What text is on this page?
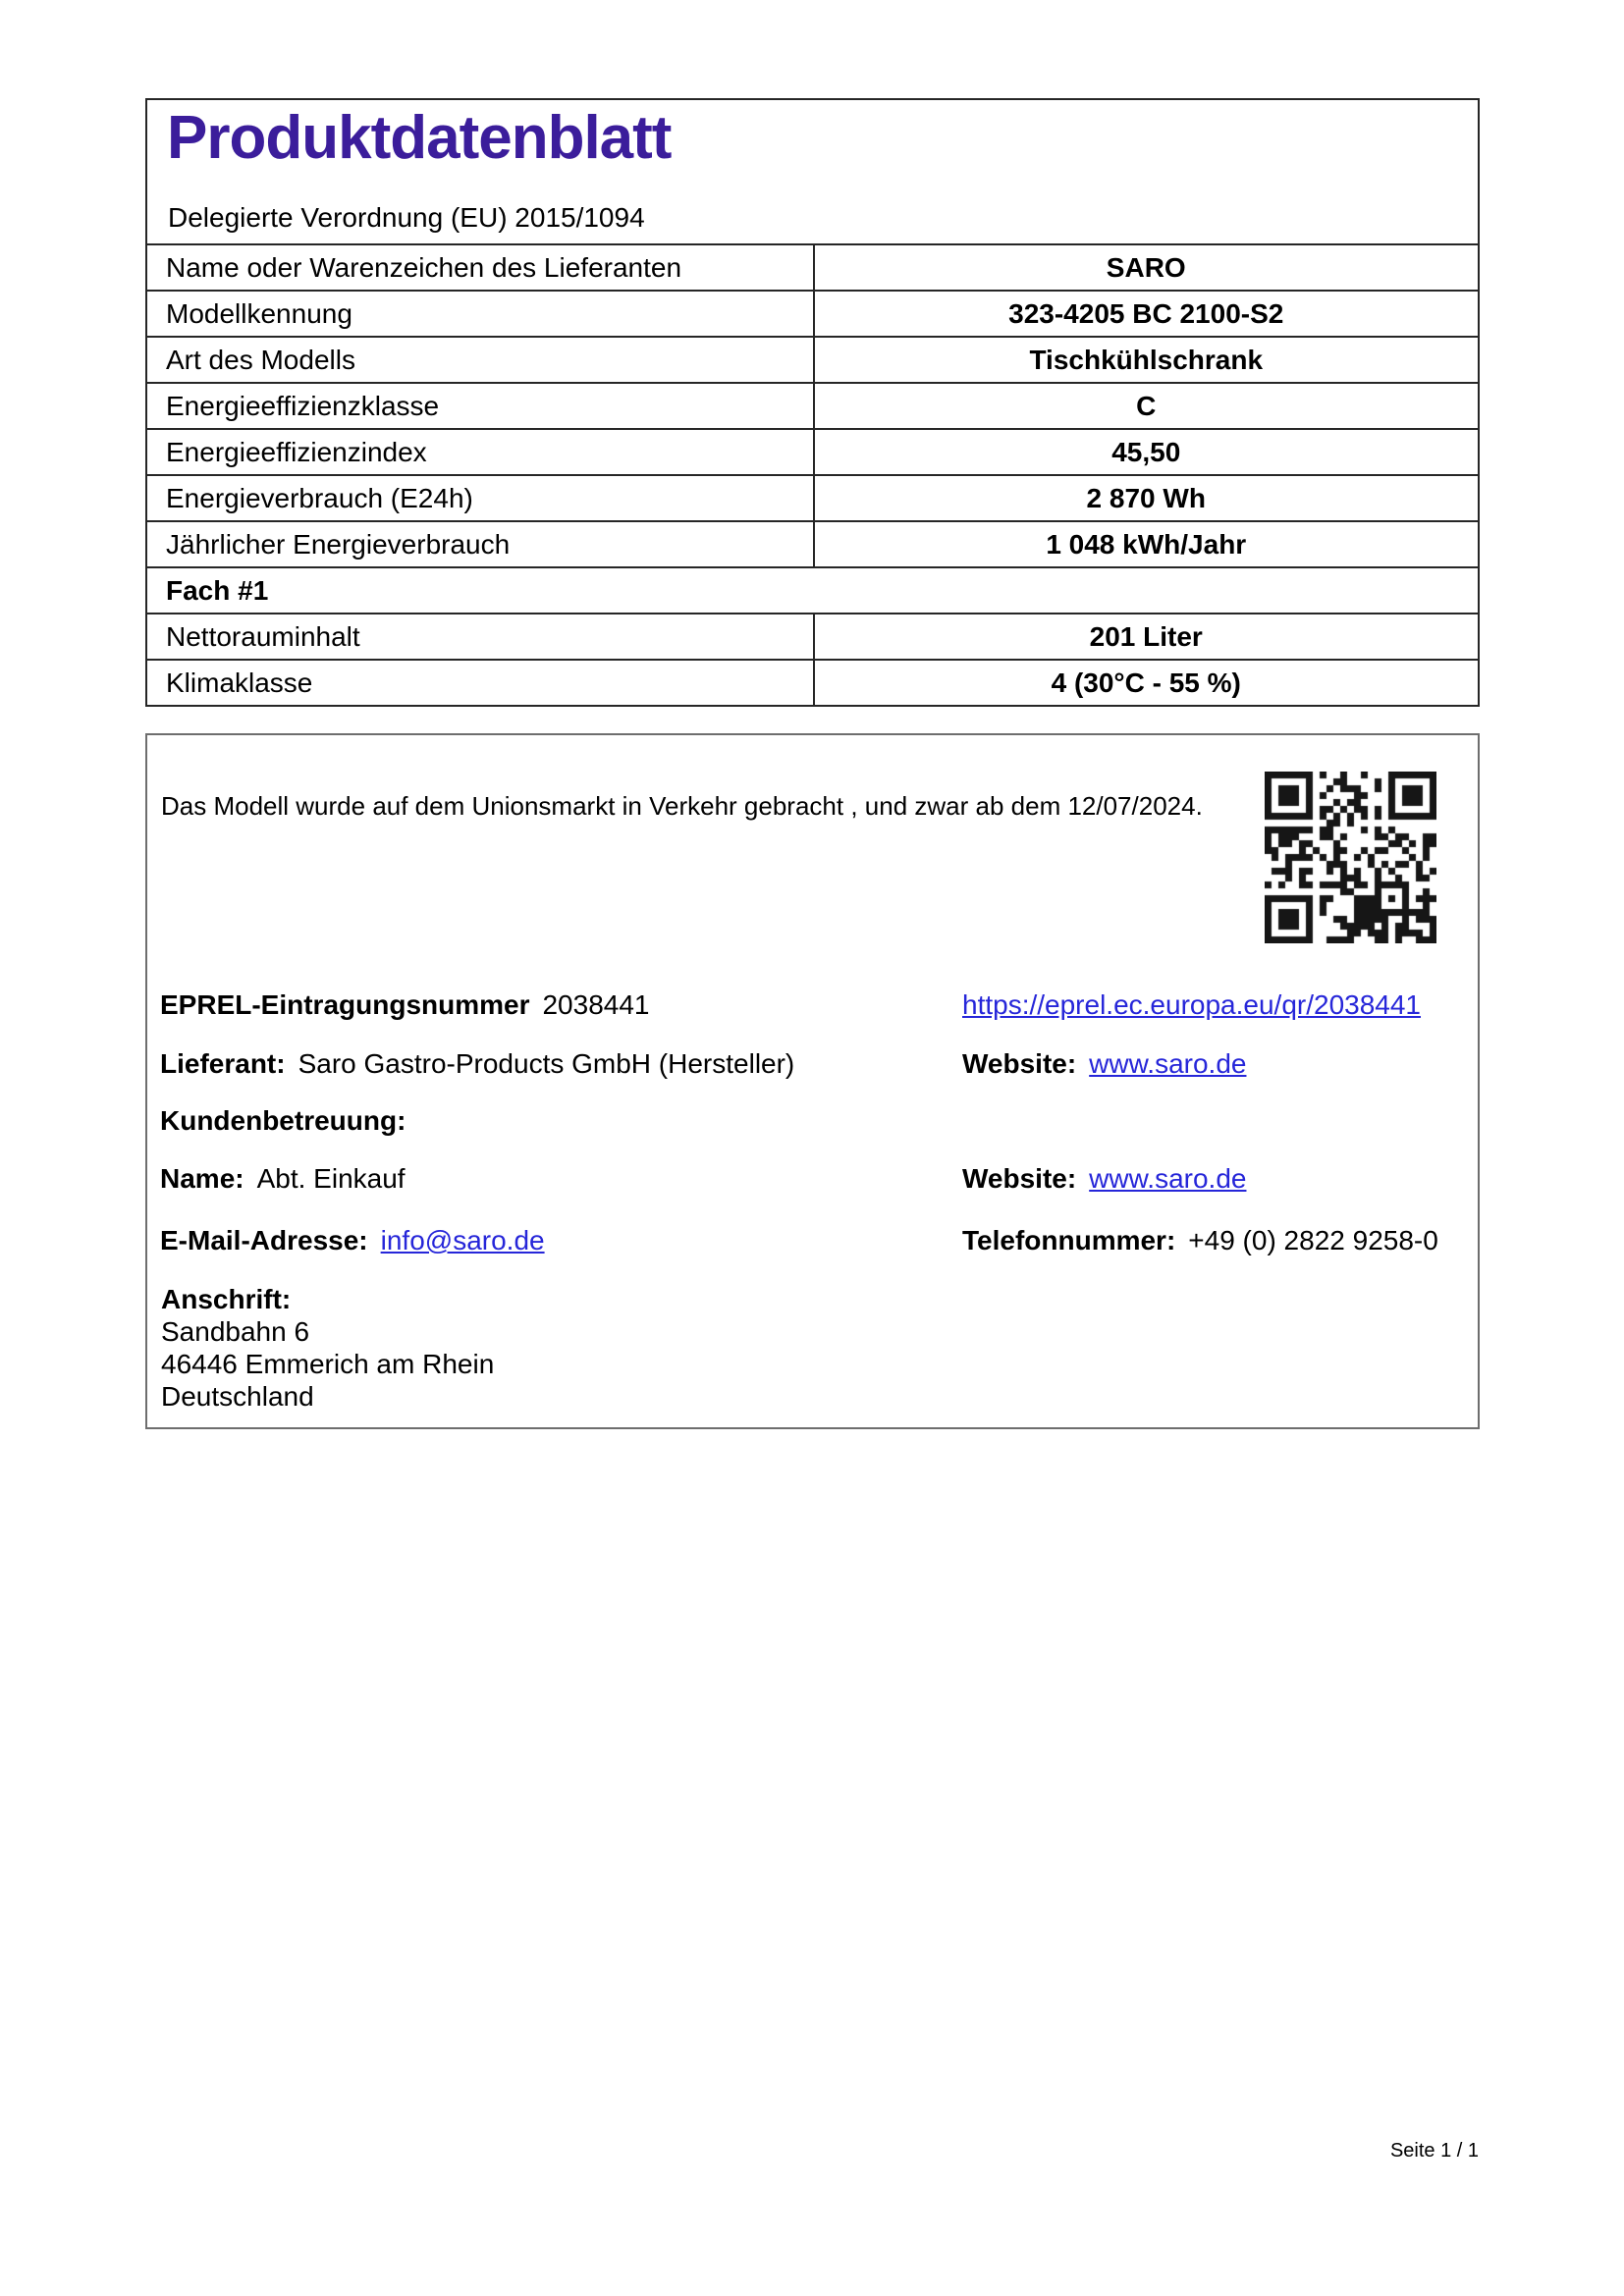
Produktdatenblatt

Delegierte Verordnung (EU) 2015/1094

Name oder Warenzeichen des Lieferanten	SARO
Modellkennung	323-4205 BC 2100-S2
Art des Modells	Tischkühlschrank
Energieeffizienzklasse	C
Energieeffizienzindex	45,50
Energieverbrauch (E24h)	2 870 Wh
Jährlicher Energieverbrauch	1 048 kWh/Jahr
Fach #1
Nettorauminhalt	201 Liter
Klimaklasse	4 (30°C - 55 %)

Das Modell wurde auf dem Unionsmarkt in Verkehr gebracht , und zwar ab dem 12/07/2024.

EPREL-Eintragungsnummer 2038441	https://eprel.ec.europa.eu/qr/2038441
Lieferant: Saro Gastro-Products GmbH (Hersteller)	Website: www.saro.de
Kundenbetreuung:
Name: Abt. Einkauf	Website: www.saro.de
E-Mail-Adresse: info@saro.de	Telefonnummer: +49 (0) 2822 9258-0
Anschrift:
Sandbahn 6
46446 Emmerich am Rhein
Deutschland
Seite 1 / 1
